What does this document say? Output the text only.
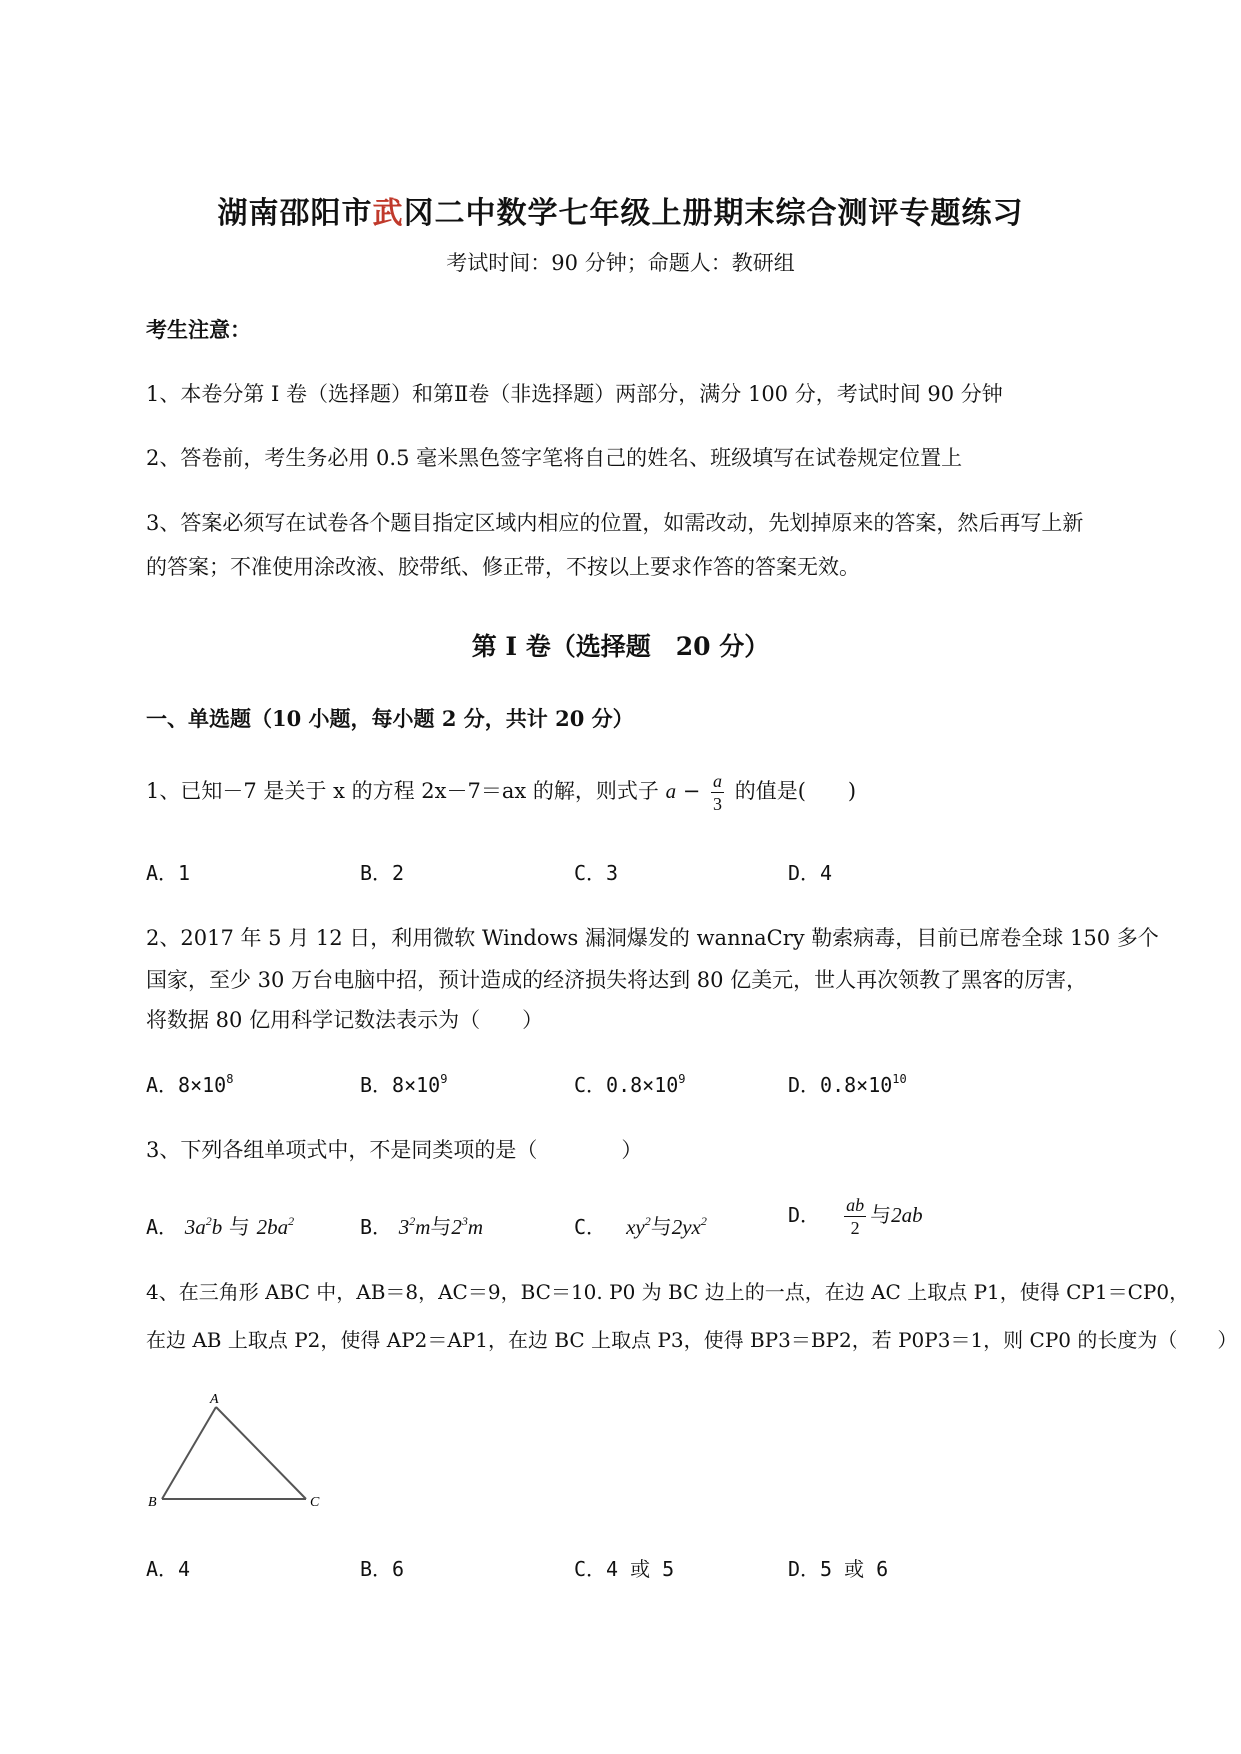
湖南邵阳市武冈二中数学七年级上册期末综合测评专题练习
考试时间：90 分钟；命题人：教研组
考生注意：
1、本卷分第 I 卷（选择题）和第Ⅱ卷（非选择题）两部分，满分 100 分，考试时间 90 分钟
2、答卷前，考生务必用 0.5 毫米黑色签字笔将自己的姓名、班级填写在试卷规定位置上
3、答案必须写在试卷各个题目指定区域内相应的位置，如需改动，先划掉原来的答案，然后再写上新
的答案；不准使用涂改液、胶带纸、修正带，不按以上要求作答的答案无效。
第 I 卷（选择题　20 分）
一、单选题（10 小题，每小题 2 分，共计 20 分）
1、已知－7 是关于 x 的方程 2x－7＝ax 的解，则式子 $a - \frac{a}{3}$ 的值是(　　)
A．1	B．2	C．3	D．4
2、2017 年 5 月 12 日，利用微软 Windows 漏洞爆发的 wannaCry 勒索病毒，目前已席卷全球 150 多个
国家，至少 30 万台电脑中招，预计造成的经济损失将达到 80 亿美元，世人再次领教了黑客的厉害，
将数据 80 亿用科学记数法表示为（　　）
A．$8\times 10^8$	B．$8\times 10^9$	C．$0.8\times 10^9$	D．$0.8\times 10^{10}$
3、下列各组单项式中，不是同类项的是（　　　　）
A． $3a^2b$ 与 $2ba^2$	B． $3^2m$与$2^3m$	C． $xy^2$与$2yx^2$	D． $\frac{ab}{2}$ 与2ab
4、在三角形 ABC 中，AB＝8，AC＝9，BC＝10. P0 为 BC 边上的一点，在边 AC 上取点 P1，使得 CP1＝CP0，
在边 AB 上取点 P2，使得 AP2＝AP1，在边 BC 上取点 P3，使得 BP3＝BP2，若 P0P3＝1，则 CP0 的长度为（　　）
A
B	C
A．4	B．6	C．4 或 5	D．5 或 6
